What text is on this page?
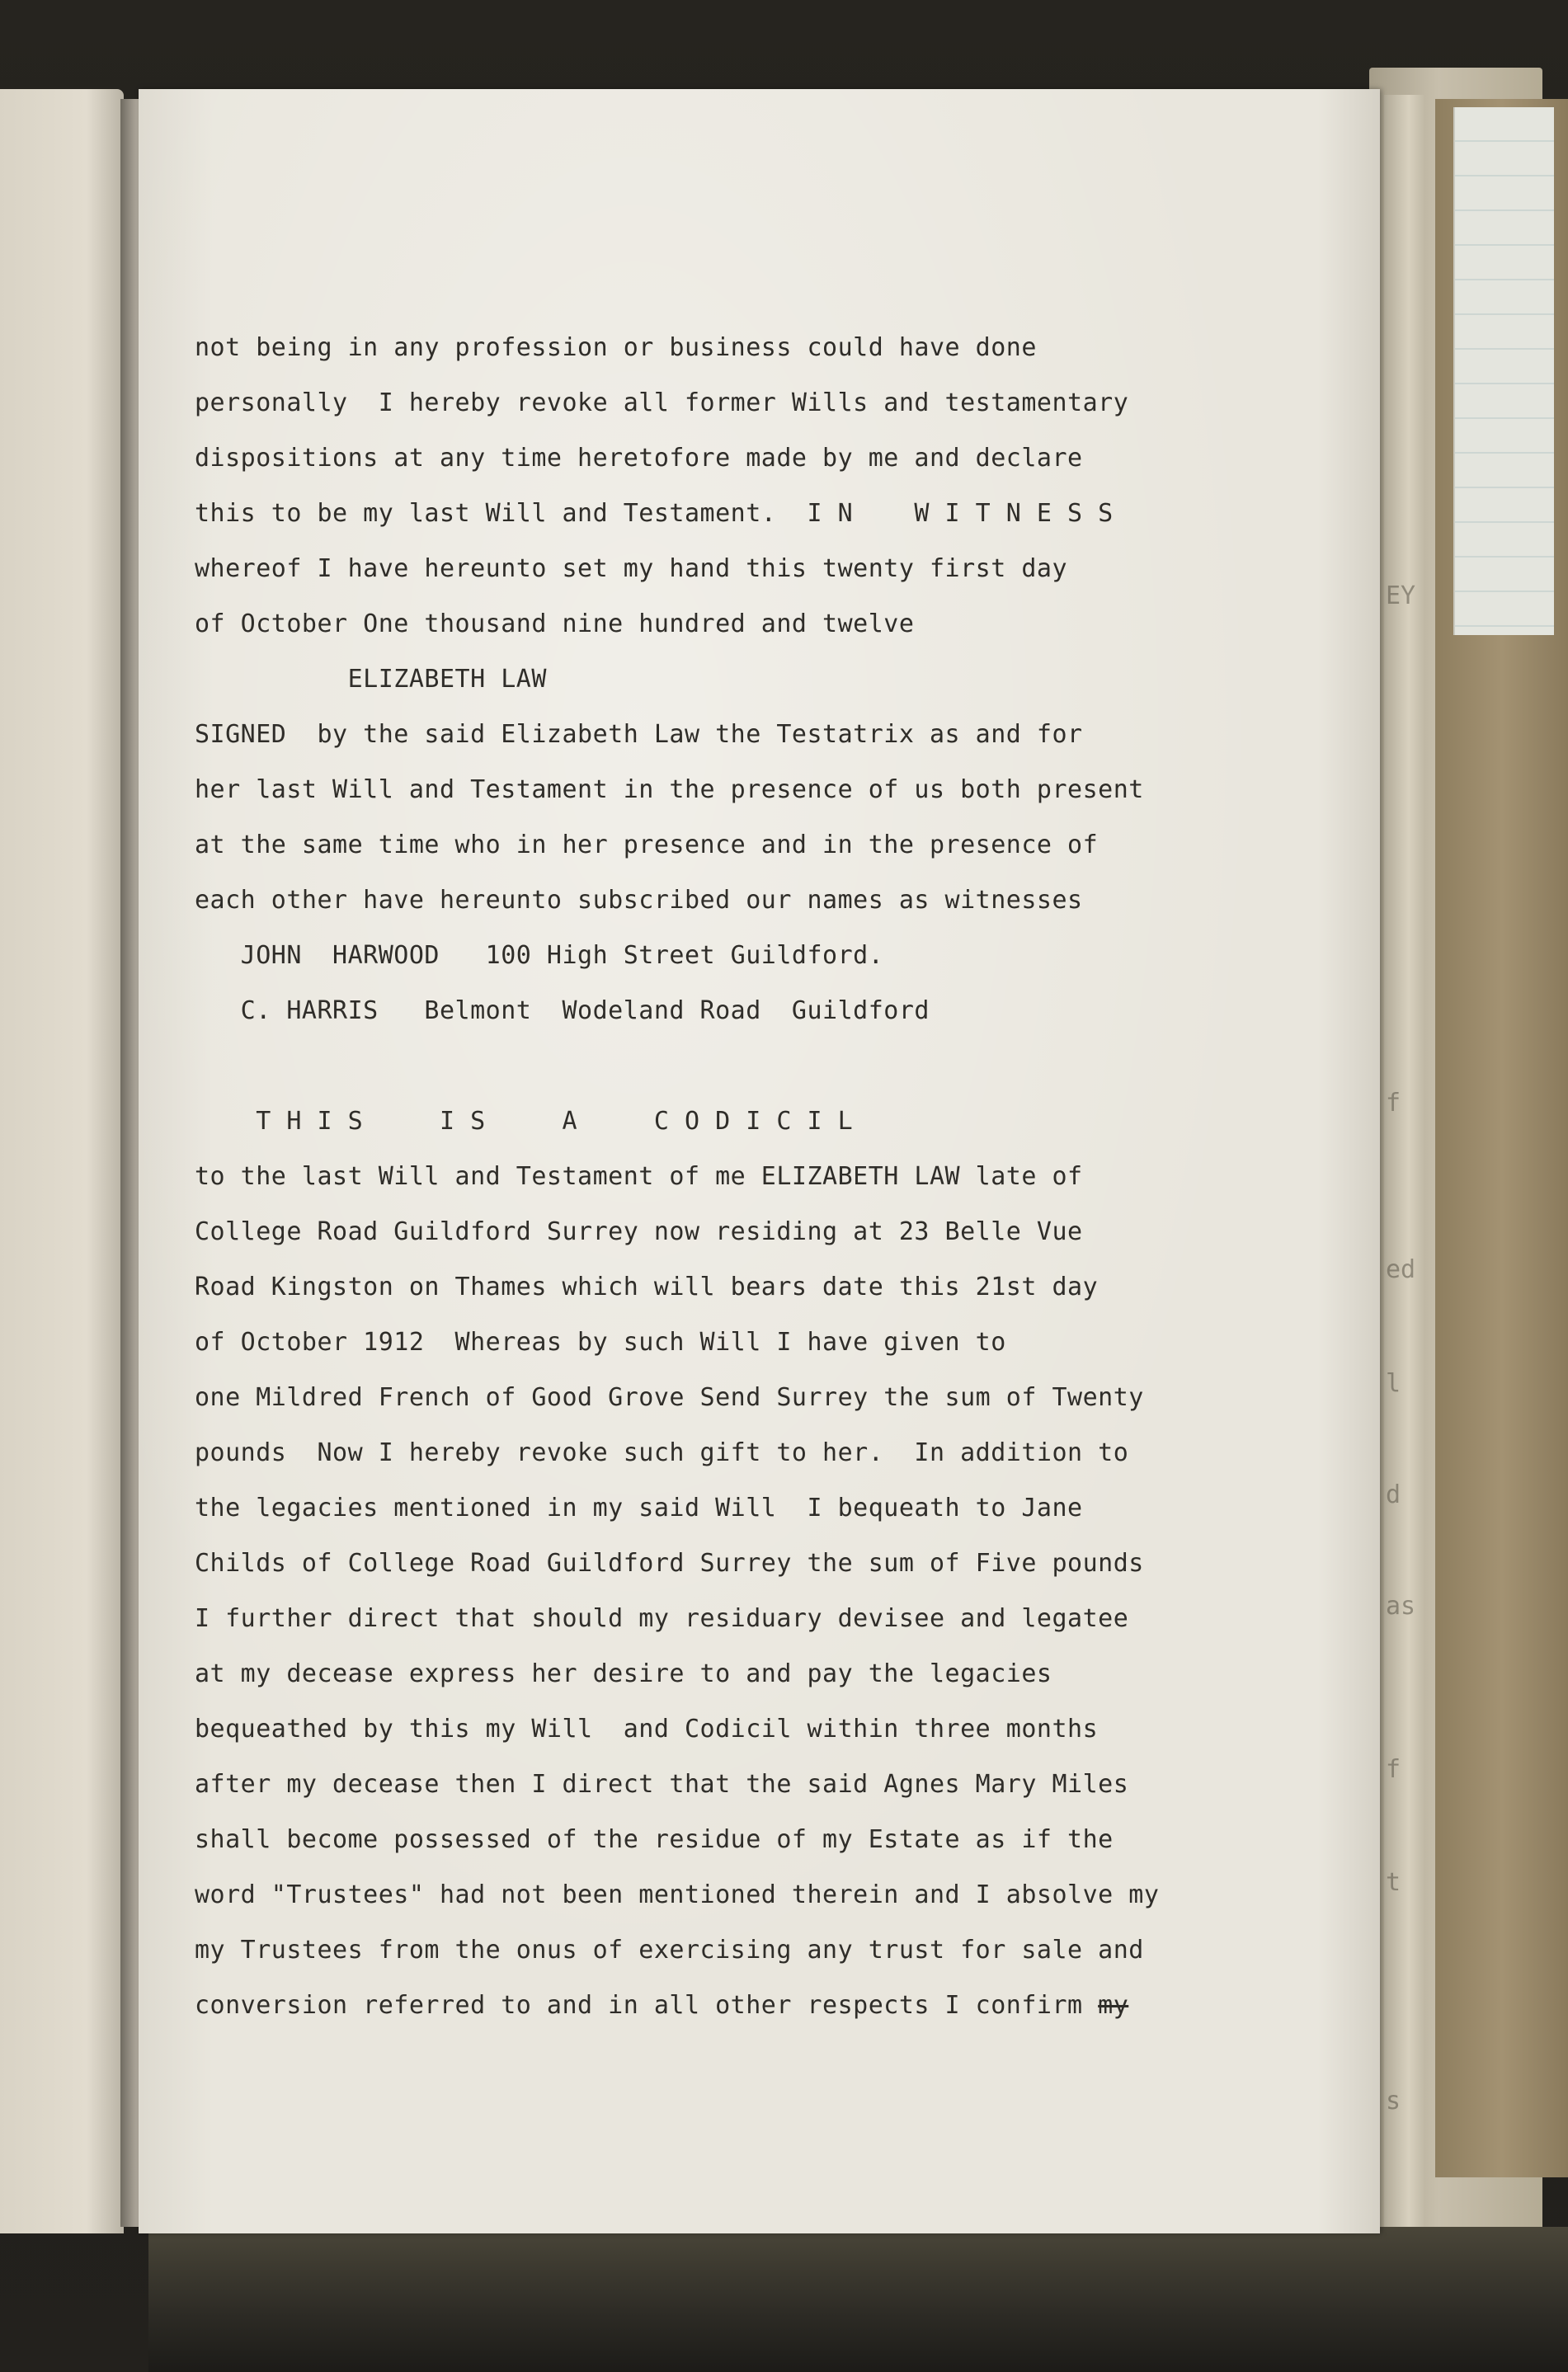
EY
f
ed
l
d
as
f
t
s
not being in any profession or business could have done
personally  I hereby revoke all former Wills and testamentary
dispositions at any time heretofore made by me and declare
this to be my last Will and Testament.  I N    W I T N E S S
whereof I have hereunto set my hand this twenty first day
of October One thousand nine hundred and twelve
ELIZABETH LAW
SIGNED  by the said Elizabeth Law the Testatrix as and for
her last Will and Testament in the presence of us both present
at the same time who in her presence and in the presence of
each other have hereunto subscribed our names as witnesses
JOHN  HARWOOD   100 High Street Guildford.
C. HARRIS   Belmont  Wodeland Road  Guildford
T H I S     I S     A     C O D I C I L
to the last Will and Testament of me ELIZABETH LAW late of
College Road Guildford Surrey now residing at 23 Belle Vue
Road Kingston on Thames which will bears date this 21st day
of October 1912  Whereas by such Will I have given to
one Mildred French of Good Grove Send Surrey the sum of Twenty
pounds  Now I hereby revoke such gift to her.  In addition to
the legacies mentioned in my said Will  I bequeath to Jane
Childs of College Road Guildford Surrey the sum of Five pounds
I further direct that should my residuary devisee and legatee
at my decease express her desire to and pay the legacies
bequeathed by this my Will  and Codicil within three months
after my decease then I direct that the said Agnes Mary Miles
shall become possessed of the residue of my Estate as if the
word "Trustees" had not been mentioned therein and I absolve my
my Trustees from the onus of exercising any trust for sale and
conversion referred to and in all other respects I confirm my
